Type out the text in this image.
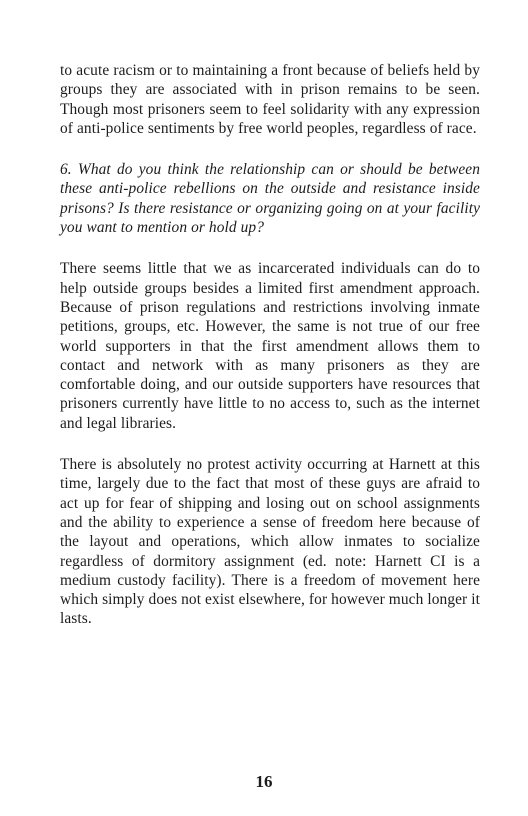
to acute racism or to maintaining a front because of beliefs held by groups they are associated with in prison remains to be seen. Though most prisoners seem to feel solidarity with any expression of anti-police sentiments by free world peoples, regardless of race.

6. What do you think the relationship can or should be between these anti-police rebellions on the outside and resistance inside prisons? Is there resistance or organizing going on at your facility you want to mention or hold up?

There seems little that we as incarcerated individuals can do to help outside groups besides a limited first amendment approach. Because of prison regulations and restrictions involving inmate petitions, groups, etc. However, the same is not true of our free world supporters in that the first amendment allows them to contact and network with as many prisoners as they are comfortable doing, and our outside supporters have resources that prisoners currently have little to no access to, such as the internet and legal libraries.

There is absolutely no protest activity occurring at Harnett at this time, largely due to the fact that most of these guys are afraid to act up for fear of shipping and losing out on school assignments and the ability to experience a sense of freedom here because of the layout and operations, which allow inmates to socialize regardless of dormitory assignment (ed. note: Harnett CI is a medium custody facility). There is a freedom of movement here which simply does not exist elsewhere, for however much longer it lasts.

16
